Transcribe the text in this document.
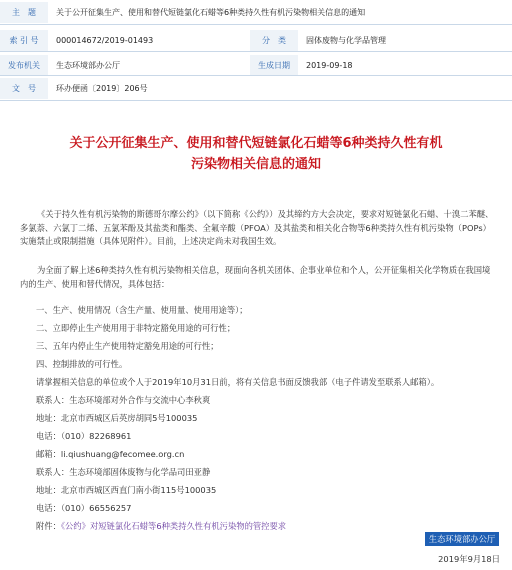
主　题	关于公开征集生产、使用和替代短链氯化石蜡等6种类持久性有机污染物相关信息的通知
索 引 号	000014672/2019-01493	分　类	固体废物与化学品管理
发布机关	生态环境部办公厅	生成日期	2019-09-18
文　号	环办便函〔2019〕206号
关于公开征集生产、使用和替代短链氯化石蜡等6种类持久性有机
污染物相关信息的通知

《关于持久性有机污染物的斯德哥尔摩公约》（以下简称《公约》）及其缔约方大会决定，要求对短链氯化石蜡、十溴二苯醚、多氯萘、六氯丁二烯、五氯苯酚及其盐类和酯类、全氟辛酸（PFOA）及其盐类和相关化合物等6种类持久性有机污染物（POPs）实施禁止或限制措施（具体见附件）。目前，上述决定尚未对我国生效。

为全面了解上述6种类持久性有机污染物相关信息，现面向各机关团体、企事业单位和个人，公开征集相关化学物质在我国境内的生产、使用和替代情况，具体包括：

一、生产、使用情况（含生产量、使用量、使用用途等）；
二、立即停止生产使用用于非特定豁免用途的可行性；
三、五年内停止生产使用特定豁免用途的可行性；
四、控制排放的可行性。
请掌握相关信息的单位或个人于2019年10月31日前，将有关信息书面反馈我部（电子件请发至联系人邮箱）。
联系人：生态环境部对外合作与交流中心李秋爽
地址：北京市西城区后英房胡同5号100035
电话：（010）82268961
邮箱：li.qiushuang@fecomee.org.cn
联系人：生态环境部固体废物与化学品司田亚静
地址：北京市西城区西直门南小街115号100035
电话：（010）66556257
附件：《公约》对短链氯化石蜡等6种类持久性有机污染物的管控要求
生态环境部办公厅
2019年9月18日
